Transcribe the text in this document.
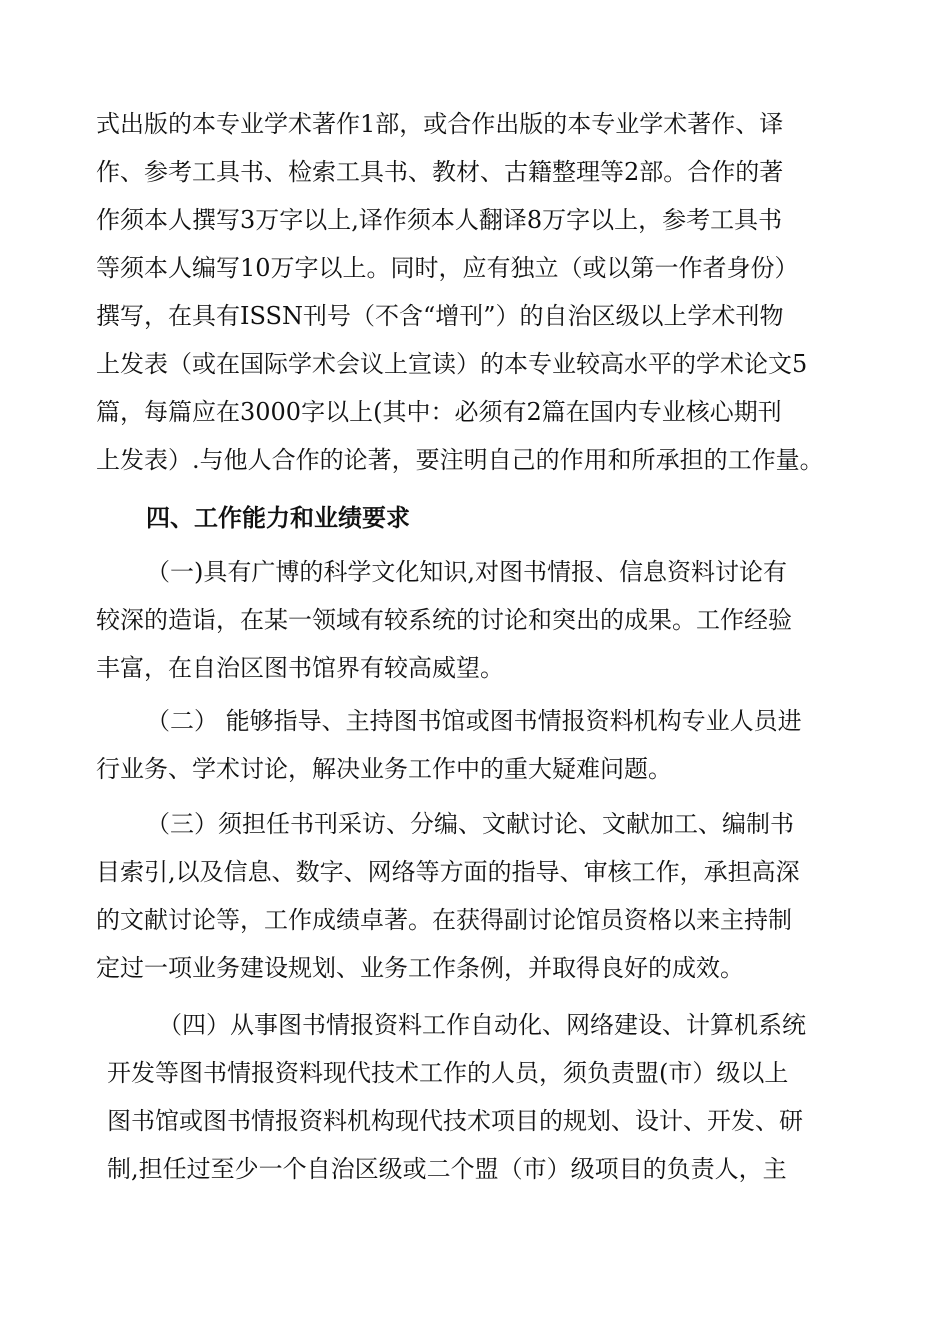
式出版的本专业学术著作1部，或合作出版的本专业学术著作、译
作、参考工具书、检索工具书、教材、古籍整理等2部。合作的著
作须本人撰写3万字以上,译作须本人翻译8万字以上，参考工具书
等须本人编写10万字以上。同时，应有独立（或以第一作者身份）
撰写，在具有ISSN刊号（不含“增刊”）的自治区级以上学术刊物
上发表（或在国际学术会议上宣读）的本专业较高水平的学术论文5
篇，每篇应在3000字以上(其中：必须有2篇在国内专业核心期刊
上发表）.与他人合作的论著，要注明自己的作用和所承担的工作量。
四、工作能力和业绩要求
（一)具有广博的科学文化知识,对图书情报、信息资料讨论有
较深的造诣，在某一领域有较系统的讨论和突出的成果。工作经验
丰富，在自治区图书馆界有较高威望。
（二） 能够指导、主持图书馆或图书情报资料机构专业人员进
行业务、学术讨论，解决业务工作中的重大疑难问题。
（三）须担任书刊采访、分编、文献讨论、文献加工、编制书
目索引,以及信息、数字、网络等方面的指导、审核工作，承担高深
的文献讨论等，工作成绩卓著。在获得副讨论馆员资格以来主持制
定过一项业务建设规划、业务工作条例，并取得良好的成效。
（四）从事图书情报资料工作自动化、网络建设、计算机系统
开发等图书情报资料现代技术工作的人员，须负责盟(市）级以上
图书馆或图书情报资料机构现代技术项目的规划、设计、开发、研
制,担任过至少一个自治区级或二个盟（市）级项目的负责人，主
